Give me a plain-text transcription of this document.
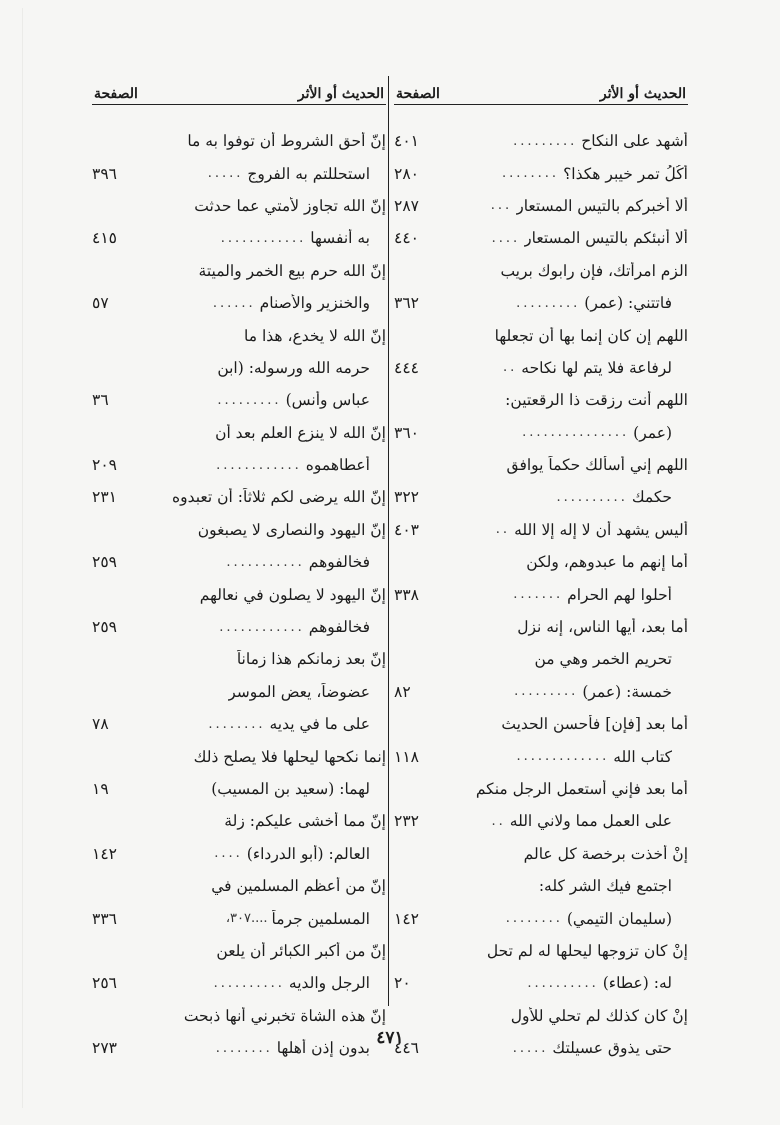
الحديث أو الأثر
الصفحة
أشهد على النكاح
.........
٤٠١
أَكُلُ تمر خيبر هكذا؟
........
٢٨٠
ألا أخبركم بالتيس المستعار
...
٢٨٧
ألا أنبئكم بالتيس المستعار
....
٤٤٠
الزم امرأتك، فإن رابوك بريب
فاتتني: (عمر)
.........
٣٦٢
اللهم إن كان إنما بها أن تجعلها
لرفاعة فلا يتم لها نكاحه
..
٤٤٤
اللهم أنت رزقت ذا الرقعتين:
(عمر)
...............
٣٦٠
اللهم إني أسألك حكماً يوافق
حكمك
..........
٣٢٢
أليس يشهد أن لا إله إلا الله
..
٤٠٣
أما إنهم ما عبدوهم، ولكن
أحلوا لهم الحرام
.......
٣٣٨
أما بعد، أيها الناس، إنه نزل
تحريم الخمر وهي من
خمسة: (عمر)
.........
٨٢
أما بعد [فإن] فأحسن الحديث
كتاب الله
.............
١١٨
أما بعد فإني أستعمل الرجل منكم
على العمل مما ولاني الله
..
٢٣٢
إنْ أخذت برخصة كل عالم
اجتمع فيك الشر كله:
(سليمان التيمي)
........
١٤٢
إنْ كان تزوجها ليحلها له لم تحل
له: (عطاء)
..........
٢٠
إنْ كان كذلك لم تحلي للأول
حتى يذوق عسيلتك
.....
٤٤٦
الحديث أو الأثر
الصفحة
إنّ أحق الشروط أن توفوا به ما
استحللتم به الفروج
.....
٣٩٦
إنّ الله تجاوز لأمتي عما حدثت
به أنفسها
............
٤١٥
إنّ الله حرم بيع الخمر والميتة
والخنزير والأصنام
......
٥٧
إنّ الله لا يخدع، هذا ما
حرمه الله ورسوله: (ابن
عباس وأنس)
.........
٣٦
إنّ الله لا ينزع العلم بعد أن
أعطاهموه
............
٢٠٩
إنّ الله يرضى لكم ثلاثاً: أن تعبدوه
٢٣١
إنّ اليهود والنصارى لا يصبغون
فخالفوهم
...........
٢٥٩
إنّ اليهود لا يصلون في نعالهم
فخالفوهم
............
٢٥٩
إنّ بعد زمانكم هذا زماناً
عضوضاً، يعض الموسر
على ما في يديه
........
٧٨
إنما نكحها ليحلها فلا يصلح ذلك
لهما: (سعيد بن المسيب)
١٩
إنّ مما أخشى عليكم: زلة
العالم: (أبو الدرداء)
....
١٤٢
إنّ من أعظم المسلمين في
المسلمين جرماً
....٣٠٧،
٣٣٦
إنّ من أكبر الكبائر أن يلعن
الرجل والديه
..........
٢٥٦
إنّ هذه الشاة تخبرني أنها ذبحت
بدون إذن أهلها
........
٢٧٣
٤٧١
